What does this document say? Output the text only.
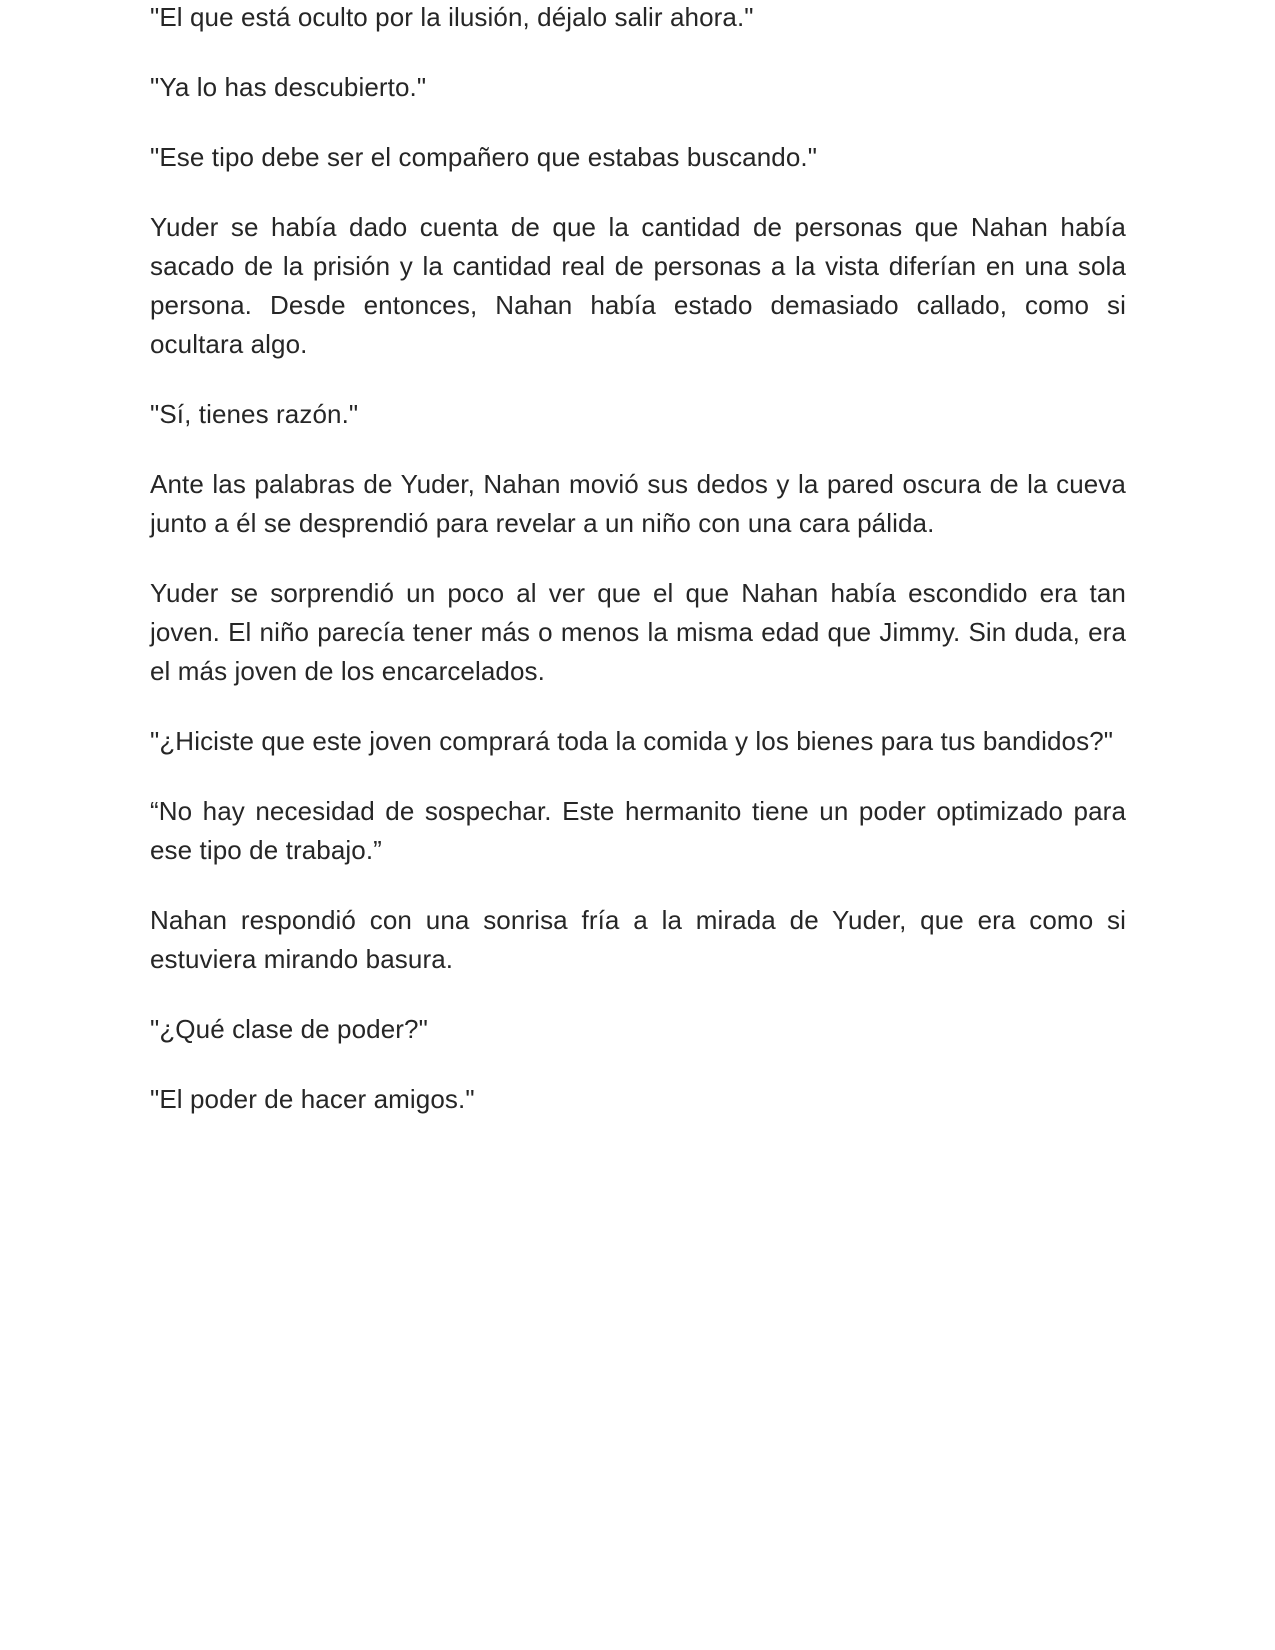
"El que está oculto por la ilusión, déjalo salir ahora."

"Ya lo has descubierto."

"Ese tipo debe ser el compañero que estabas buscando."

Yuder se había dado cuenta de que la cantidad de personas que Nahan había sacado de la prisión y la cantidad real de personas a la vista diferían en una sola persona. Desde entonces, Nahan había estado demasiado callado, como si ocultara algo.

"Sí, tienes razón."

Ante las palabras de Yuder, Nahan movió sus dedos y la pared oscura de la cueva junto a él se desprendió para revelar a un niño con una cara pálida.

Yuder se sorprendió un poco al ver que el que Nahan había escondido era tan joven. El niño parecía tener más o menos la misma edad que Jimmy. Sin duda, era el más joven de los encarcelados.

"¿Hiciste que este joven comprará toda la comida y los bienes para tus bandidos?"

“No hay necesidad de sospechar. Este hermanito tiene un poder optimizado para ese tipo de trabajo.”

Nahan respondió con una sonrisa fría a la mirada de Yuder, que era como si estuviera mirando basura.

"¿Qué clase de poder?"

"El poder de hacer amigos."
